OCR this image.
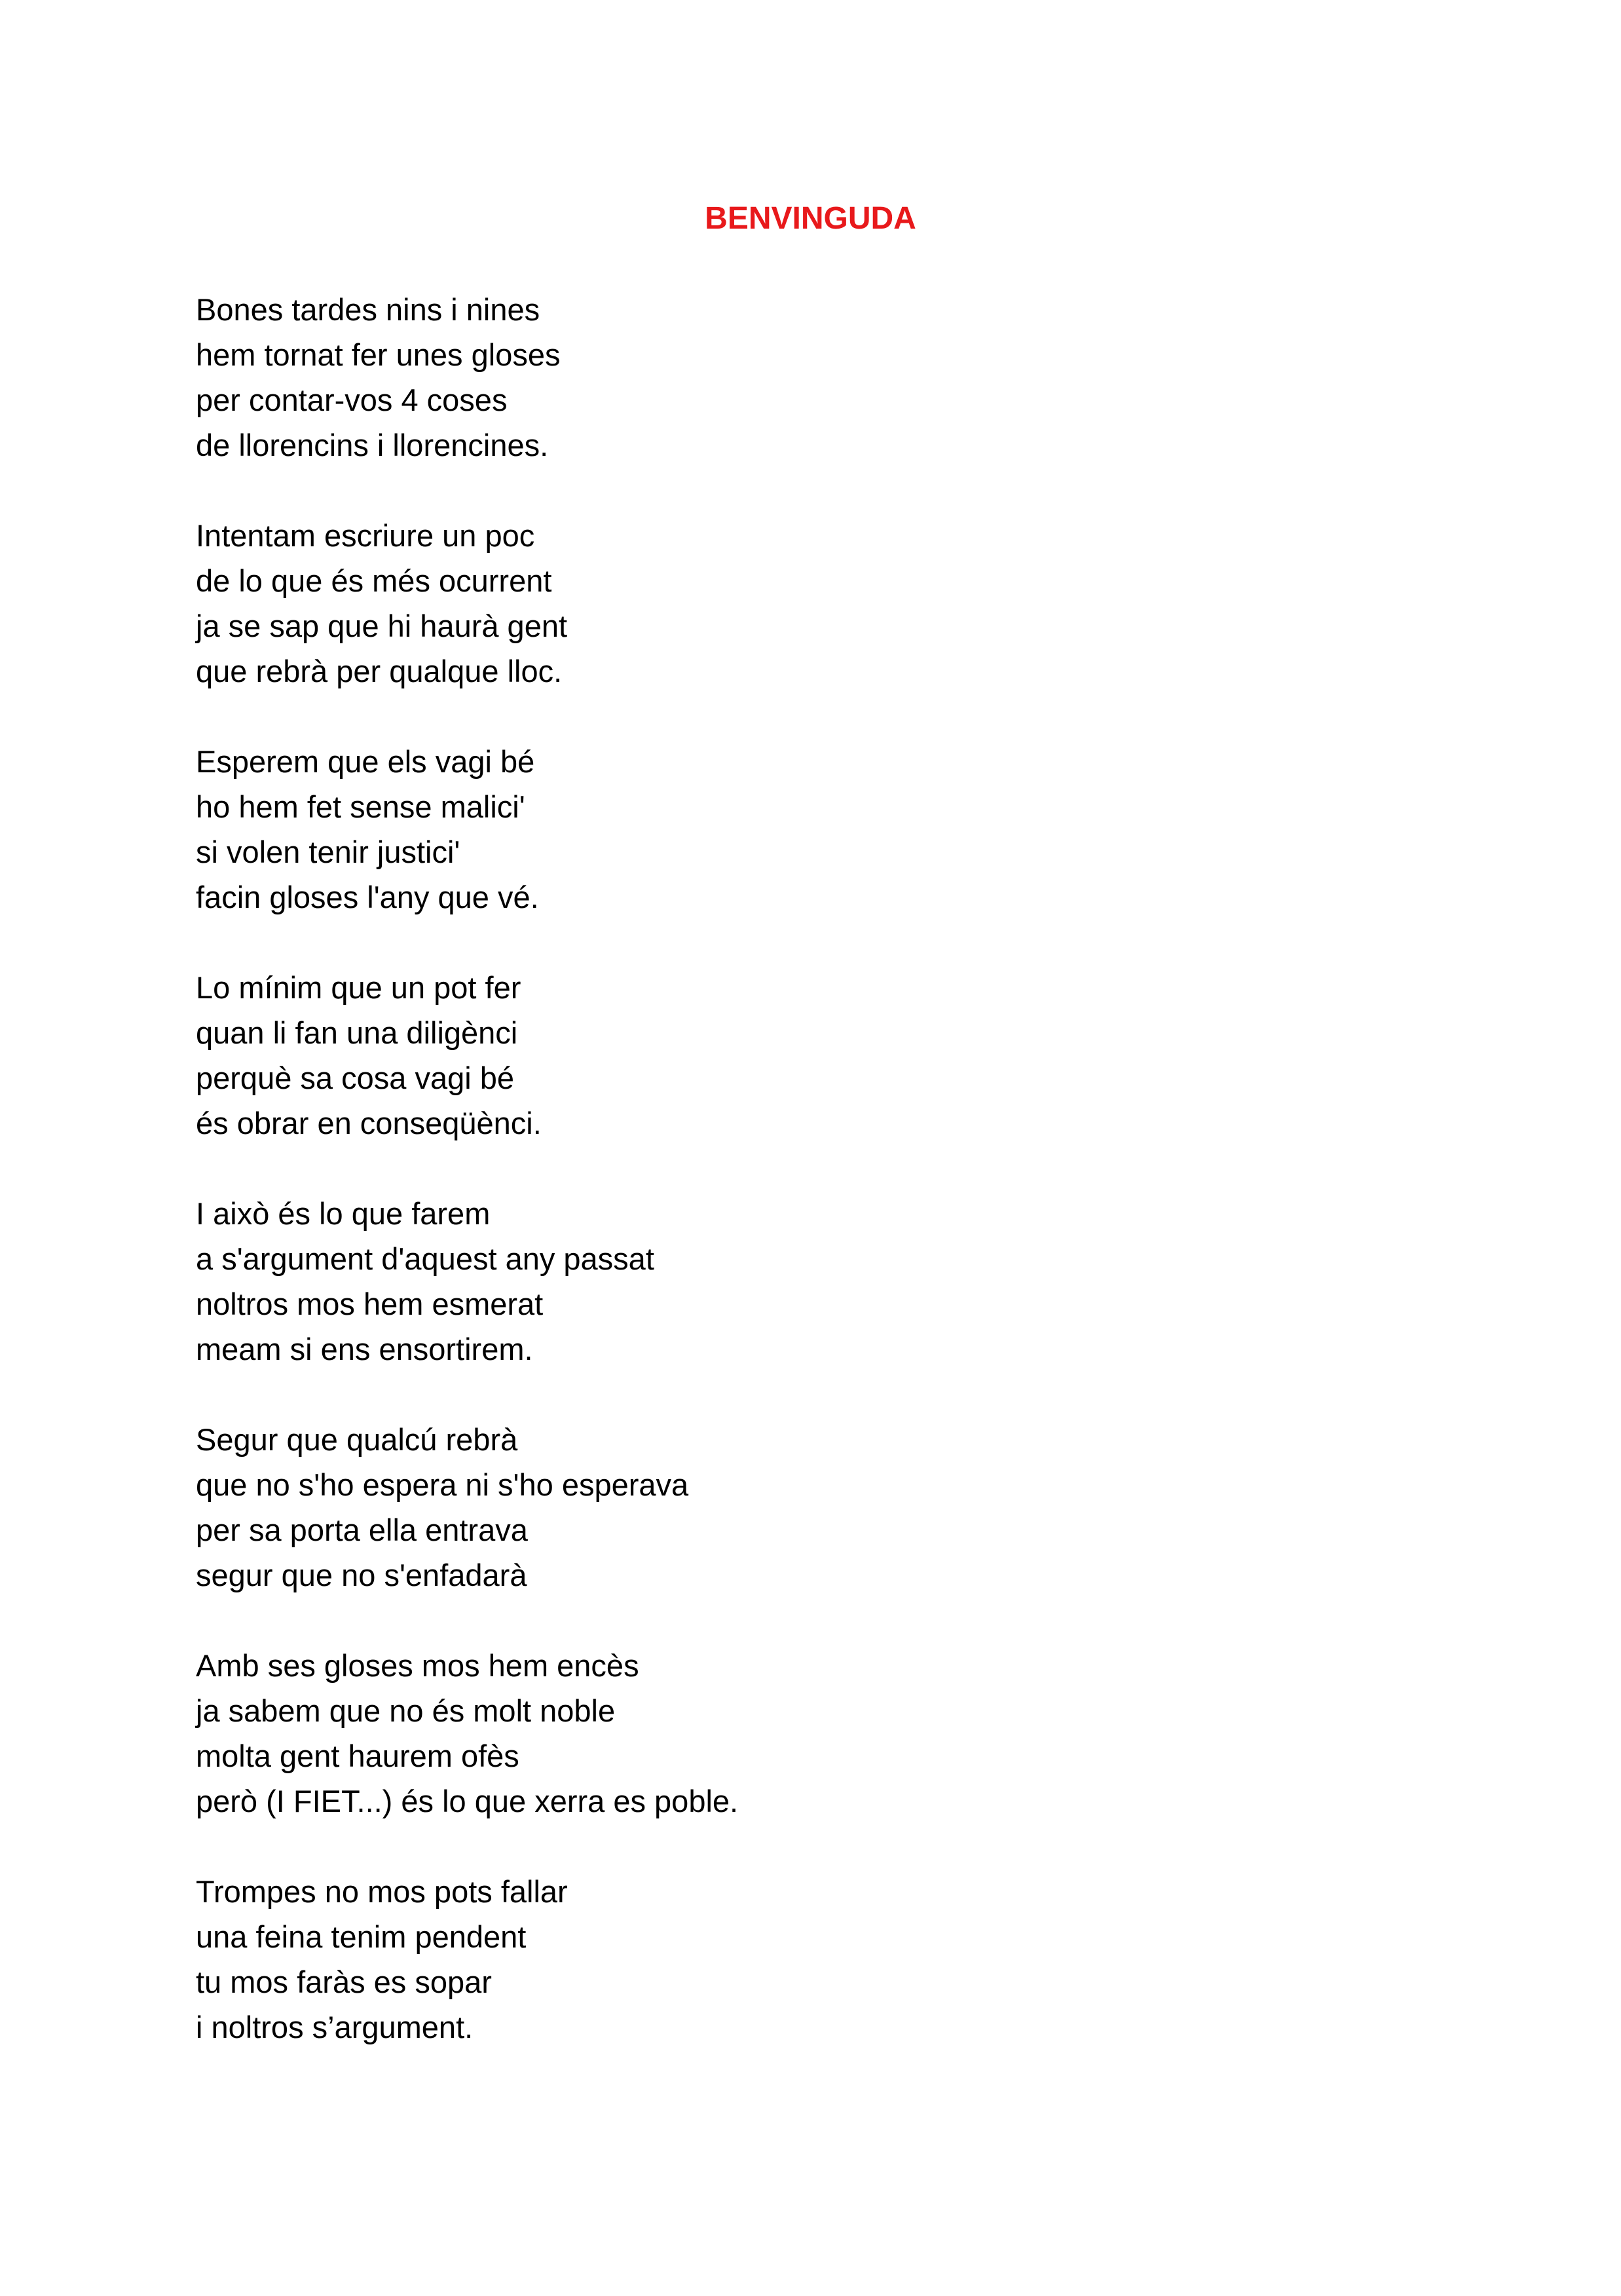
BENVINGUDA
Bones tardes nins i nines
hem tornat fer unes gloses
per contar-vos 4 coses
de llorencins i llorencines.
Intentam escriure un poc
de lo que és més ocurrent
ja se sap que hi haurà gent
que rebrà per qualque lloc.
Esperem que els vagi bé
ho hem fet sense malici'
si volen tenir justici'
facin gloses l'any que vé.
Lo mínim que un pot fer
quan li fan una diligènci
perquè sa cosa vagi bé
és obrar en conseqüènci.
I això és lo que farem
a s'argument d'aquest any passat
noltros mos hem esmerat
meam si ens ensortirem.
Segur que qualcú rebrà
que no s'ho espera ni s'ho esperava
per sa porta ella entrava
segur que no s'enfadarà
Amb ses gloses mos hem encès
ja sabem que no és molt noble
molta gent haurem ofès
però (I FIET...) és lo que xerra es poble.
Trompes no mos pots fallar
una feina tenim pendent
tu mos faràs es sopar
i noltros s’argument.
